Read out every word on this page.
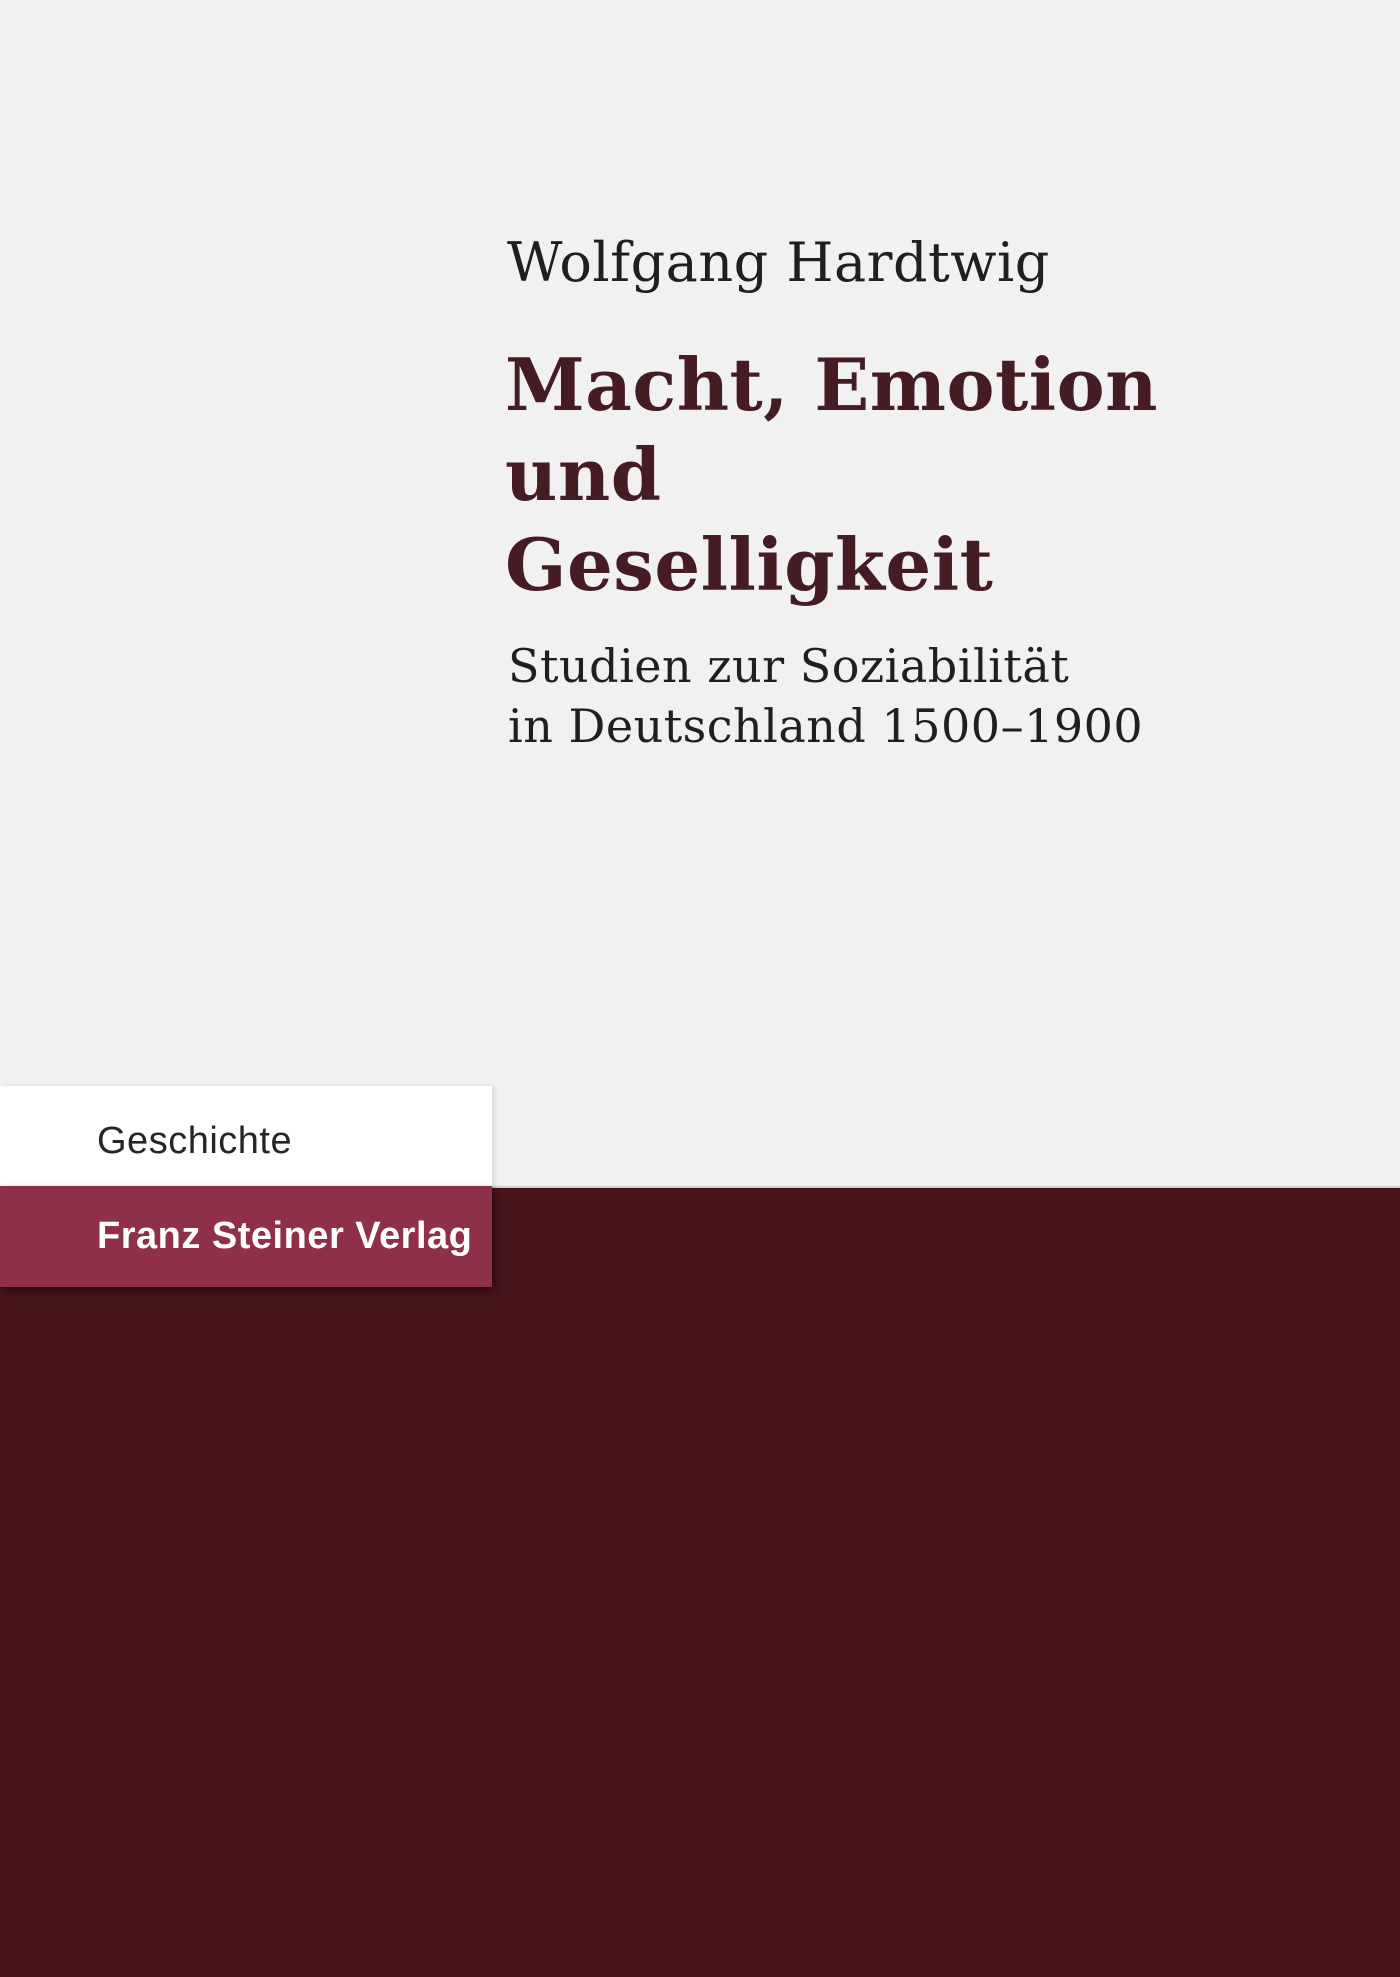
Wolfgang Hardtwig
Macht, Emotion
und
Geselligkeit
Studien zur Soziabilität
in Deutschland 1500–1900
Geschichte
Franz Steiner Verlag
